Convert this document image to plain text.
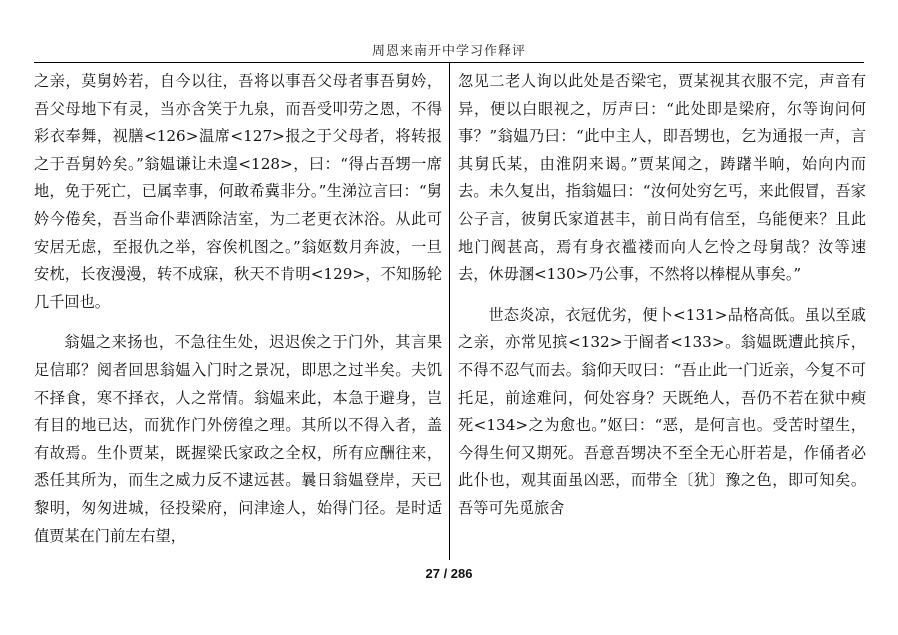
周恩来南开中学习作释评

之亲，莫舅妗若，自今以往，吾将以事吾父母者事吾舅妗，吾父母地下有灵，当亦含笑于九泉，而吾受叩劳之恩，不得彩衣奉舞，视膳<126>温席<127>报之于父母者，将转报之于吾舅妗矣。”翁媪谦让未遑<128>，曰：“得占吾甥一席地，免于死亡，已属幸事，何敢希冀非分。”生涕泣言曰：“舅妗今倦矣，吾当命仆辈洒除洁室，为二老更衣沐浴。从此可安居无虑，至报仇之举，容俟机图之。”翁妪数月奔波，一旦安枕，长夜漫漫，转不成寐，秋天不肯明<129>，不知肠轮几千回也。

翁媪之来扬也，不急往生处，迟迟俟之于门外，其言果足信耶？阅者回思翁媪入门时之景况，即思之过半矣。夫饥不择食，寒不择衣，人之常情。翁媪来此，本急于避身，岂有目的地已达，而犹作门外傍徨之理。其所以不得入者，盖有故焉。生仆贾某，既握梁氏家政之全权，所有应酬往来，悉任其所为，而生之威力反不逮远甚。曩日翁媪登岸，天已黎明，匆匆进城，径投梁府，问津途人，始得门径。是时适值贾某在门前左右望，

忽见二老人询以此处是否梁宅，贾某视其衣服不完，声音有异，便以白眼视之，厉声曰：“此处即是梁府，尔等询问何事？”翁媪乃曰：“此中主人，即吾甥也，乞为通报一声，言其舅氏某，由淮阴来谒。”贾某闻之，踌躇半晌，始向内而去。未久复出，指翁媪曰：“汝何处穷乞丐，来此假冒，吾家公子言，彼舅氏家道甚丰，前日尚有信至，乌能便来？且此地门阀甚高，焉有身衣褴褛而向人乞怜之母舅哉？汝等速去，休毋溷<130>乃公事，不然将以棒棍从事矣。”

世态炎凉，衣冠优劣，便卜<131>品格高低。虽以至戚之亲，亦常见摈<132>于阍者<133>。翁媪既遭此摈斥，不得不忍气而去。翁仰天叹曰：“吾止此一门近亲，今复不可托足，前途难问，何处容身？天既绝人，吾仍不若在狱中瘐死<134>之为愈也。”妪曰：“恶，是何言也。受苦时望生，今得生何又期死。吾意吾甥决不至全无心肝若是，作俑者必此仆也，观其面虽凶恶，而带全〔犹〕豫之色，即可知矣。吾等可先觅旅舍

27 / 286
